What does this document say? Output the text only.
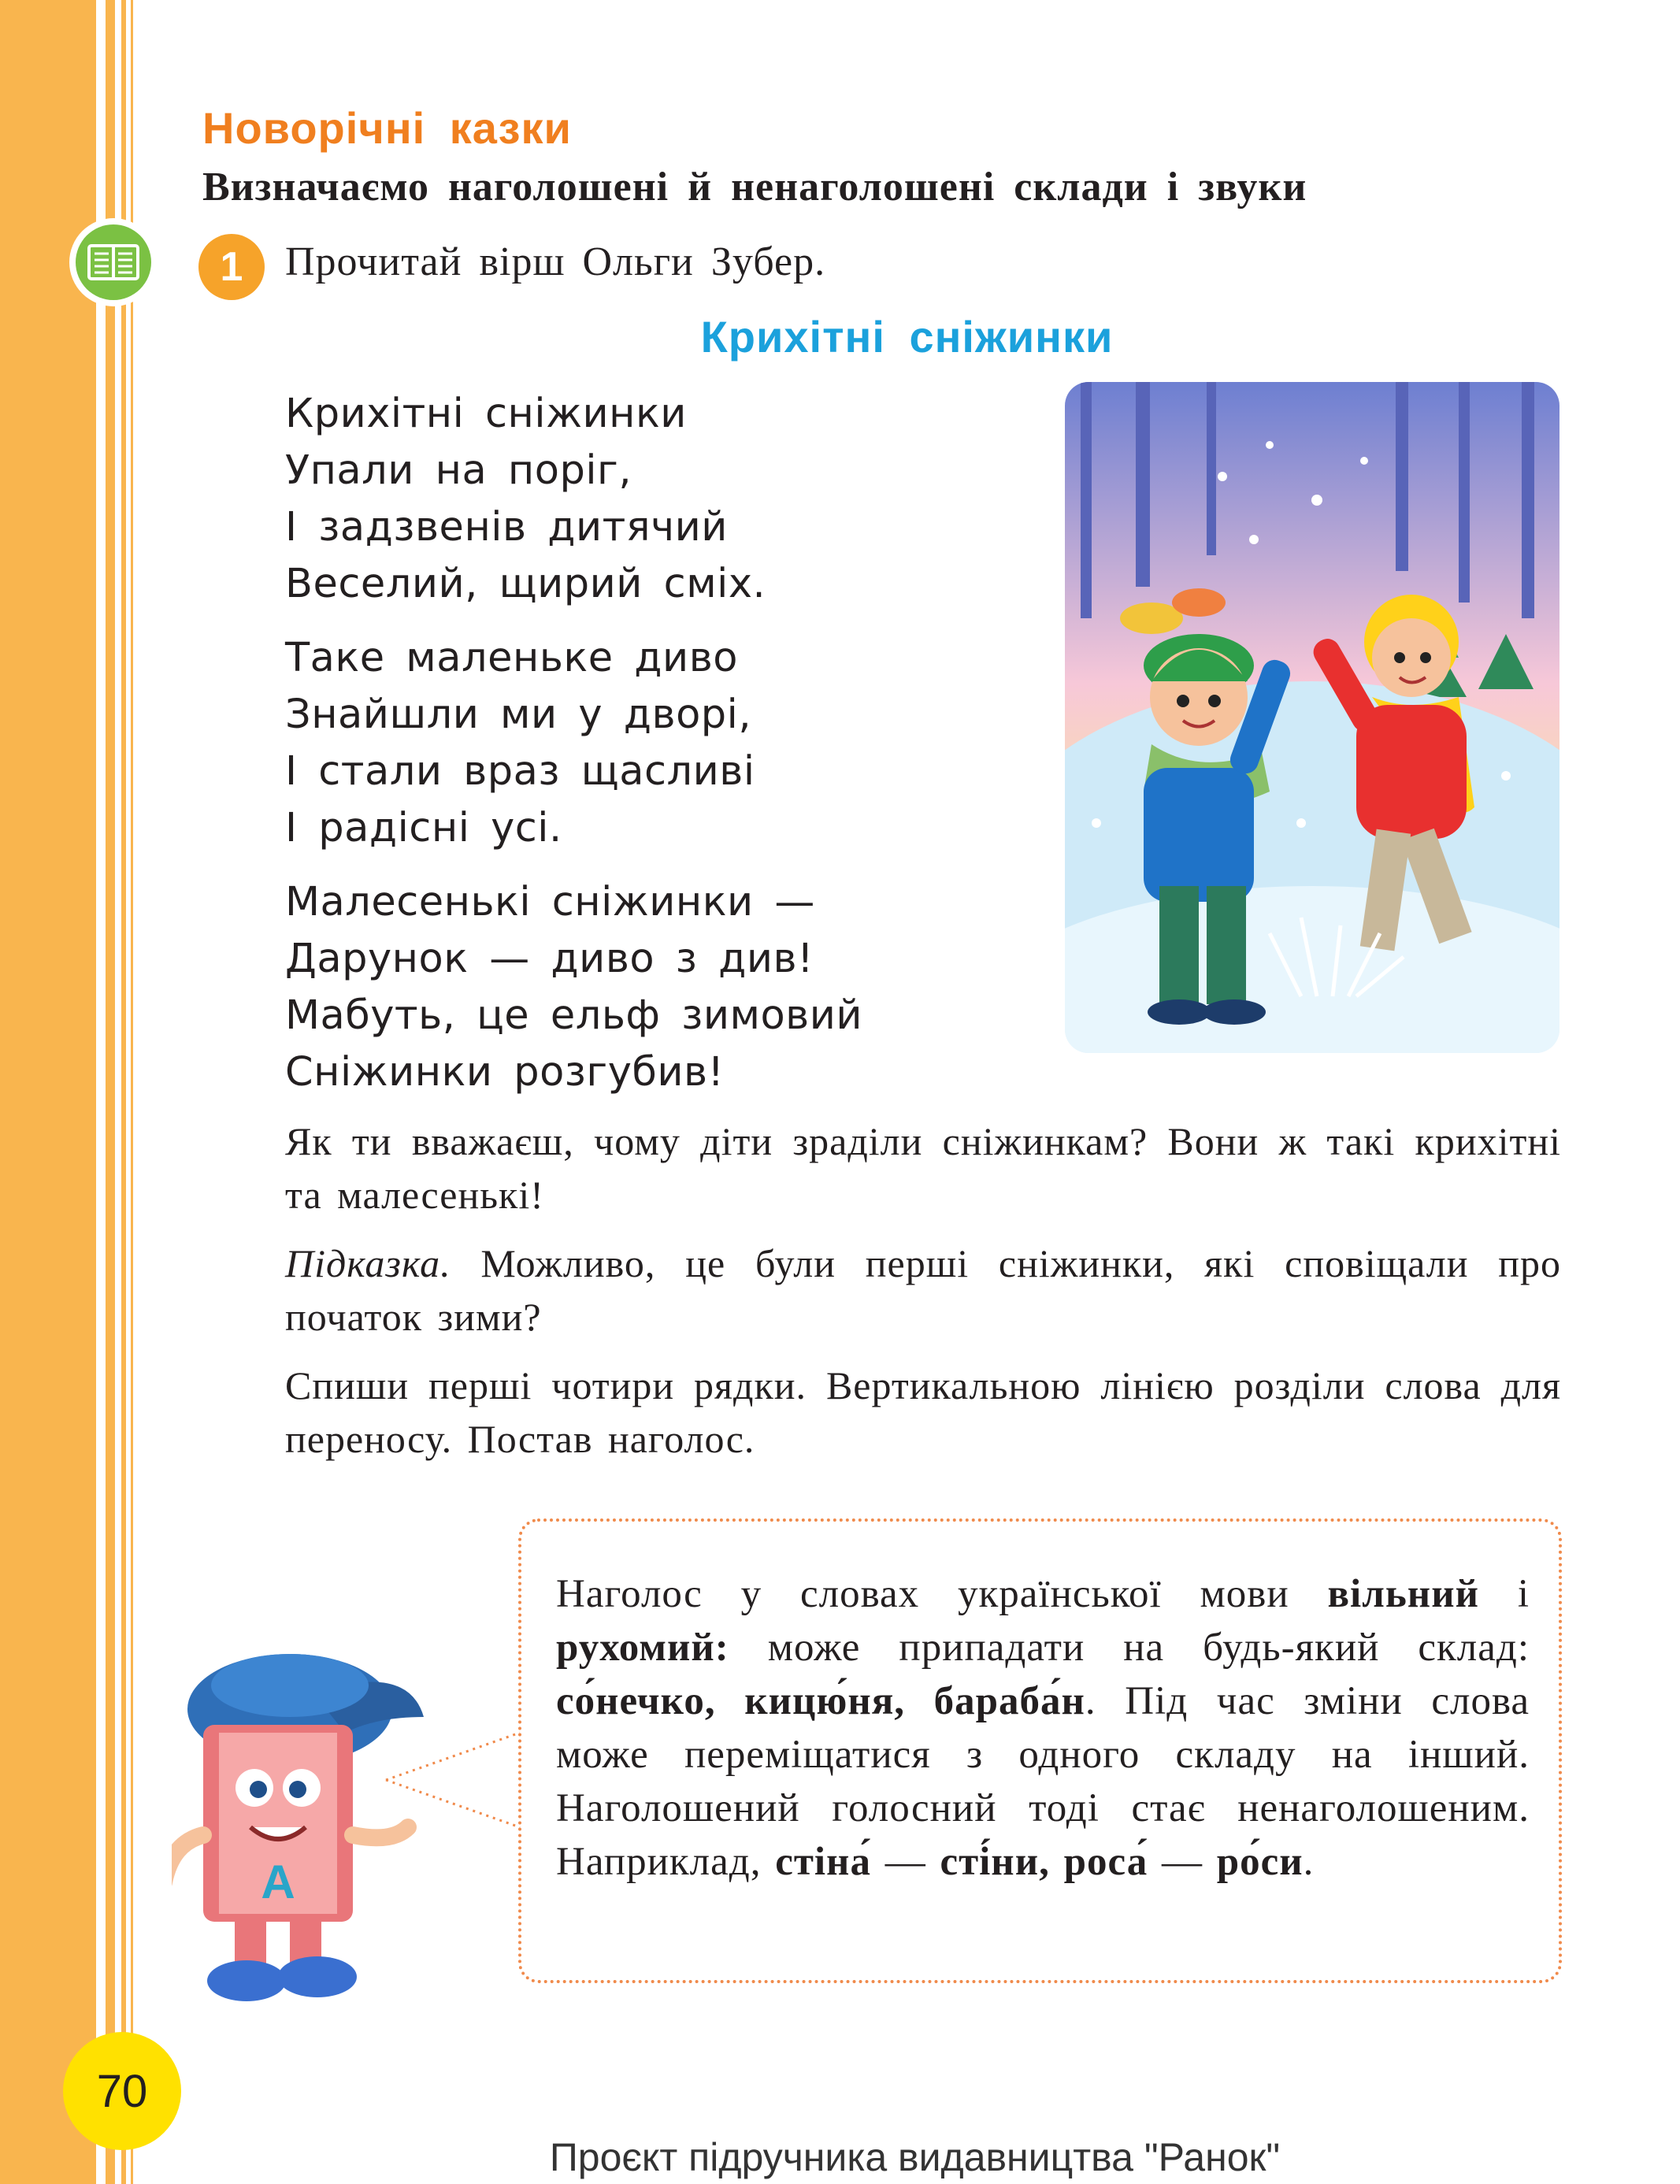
Новорічні казки
Визначаємо наголошені й ненаголошені склади і звуки
1	Прочитай вірш Ольги Зубер.
Крихітні сніжинки
Крихітні сніжинки
Упали на поріг,
І задзвенів дитячий
Веселий, щирий сміх.
Таке маленьке диво
Знайшли ми у дворі,
І стали враз щасливі
І радісні усі.
Малесенькі сніжинки —
Дарунок — диво з див!
Мабуть, це ельф зимовий
Сніжинки розгубив!
Як ти вважаєш, чому діти зраділи сніжинкам? Вони ж такі крихітні та малесенькі!
Підказка. Можливо, це були перші сніжинки, які сповіщали про початок зими?
Спиши перші чотири рядки. Вертикальною лінією розділи слова для переносу. Постав наголос.
Наголос у словах української мови вільний і рухомий: може припадати на будь-який склад: со́нечко, кицю́ня, бараба́н. Під час зміни слова може переміщатися з одного складу на інший. Наголошений голосний тоді стає ненаголошеним. Наприклад, стіна́ — сті́ни, роса́ — ро́си.
А
70
Проєкт підручника видавництва "Ранок"
